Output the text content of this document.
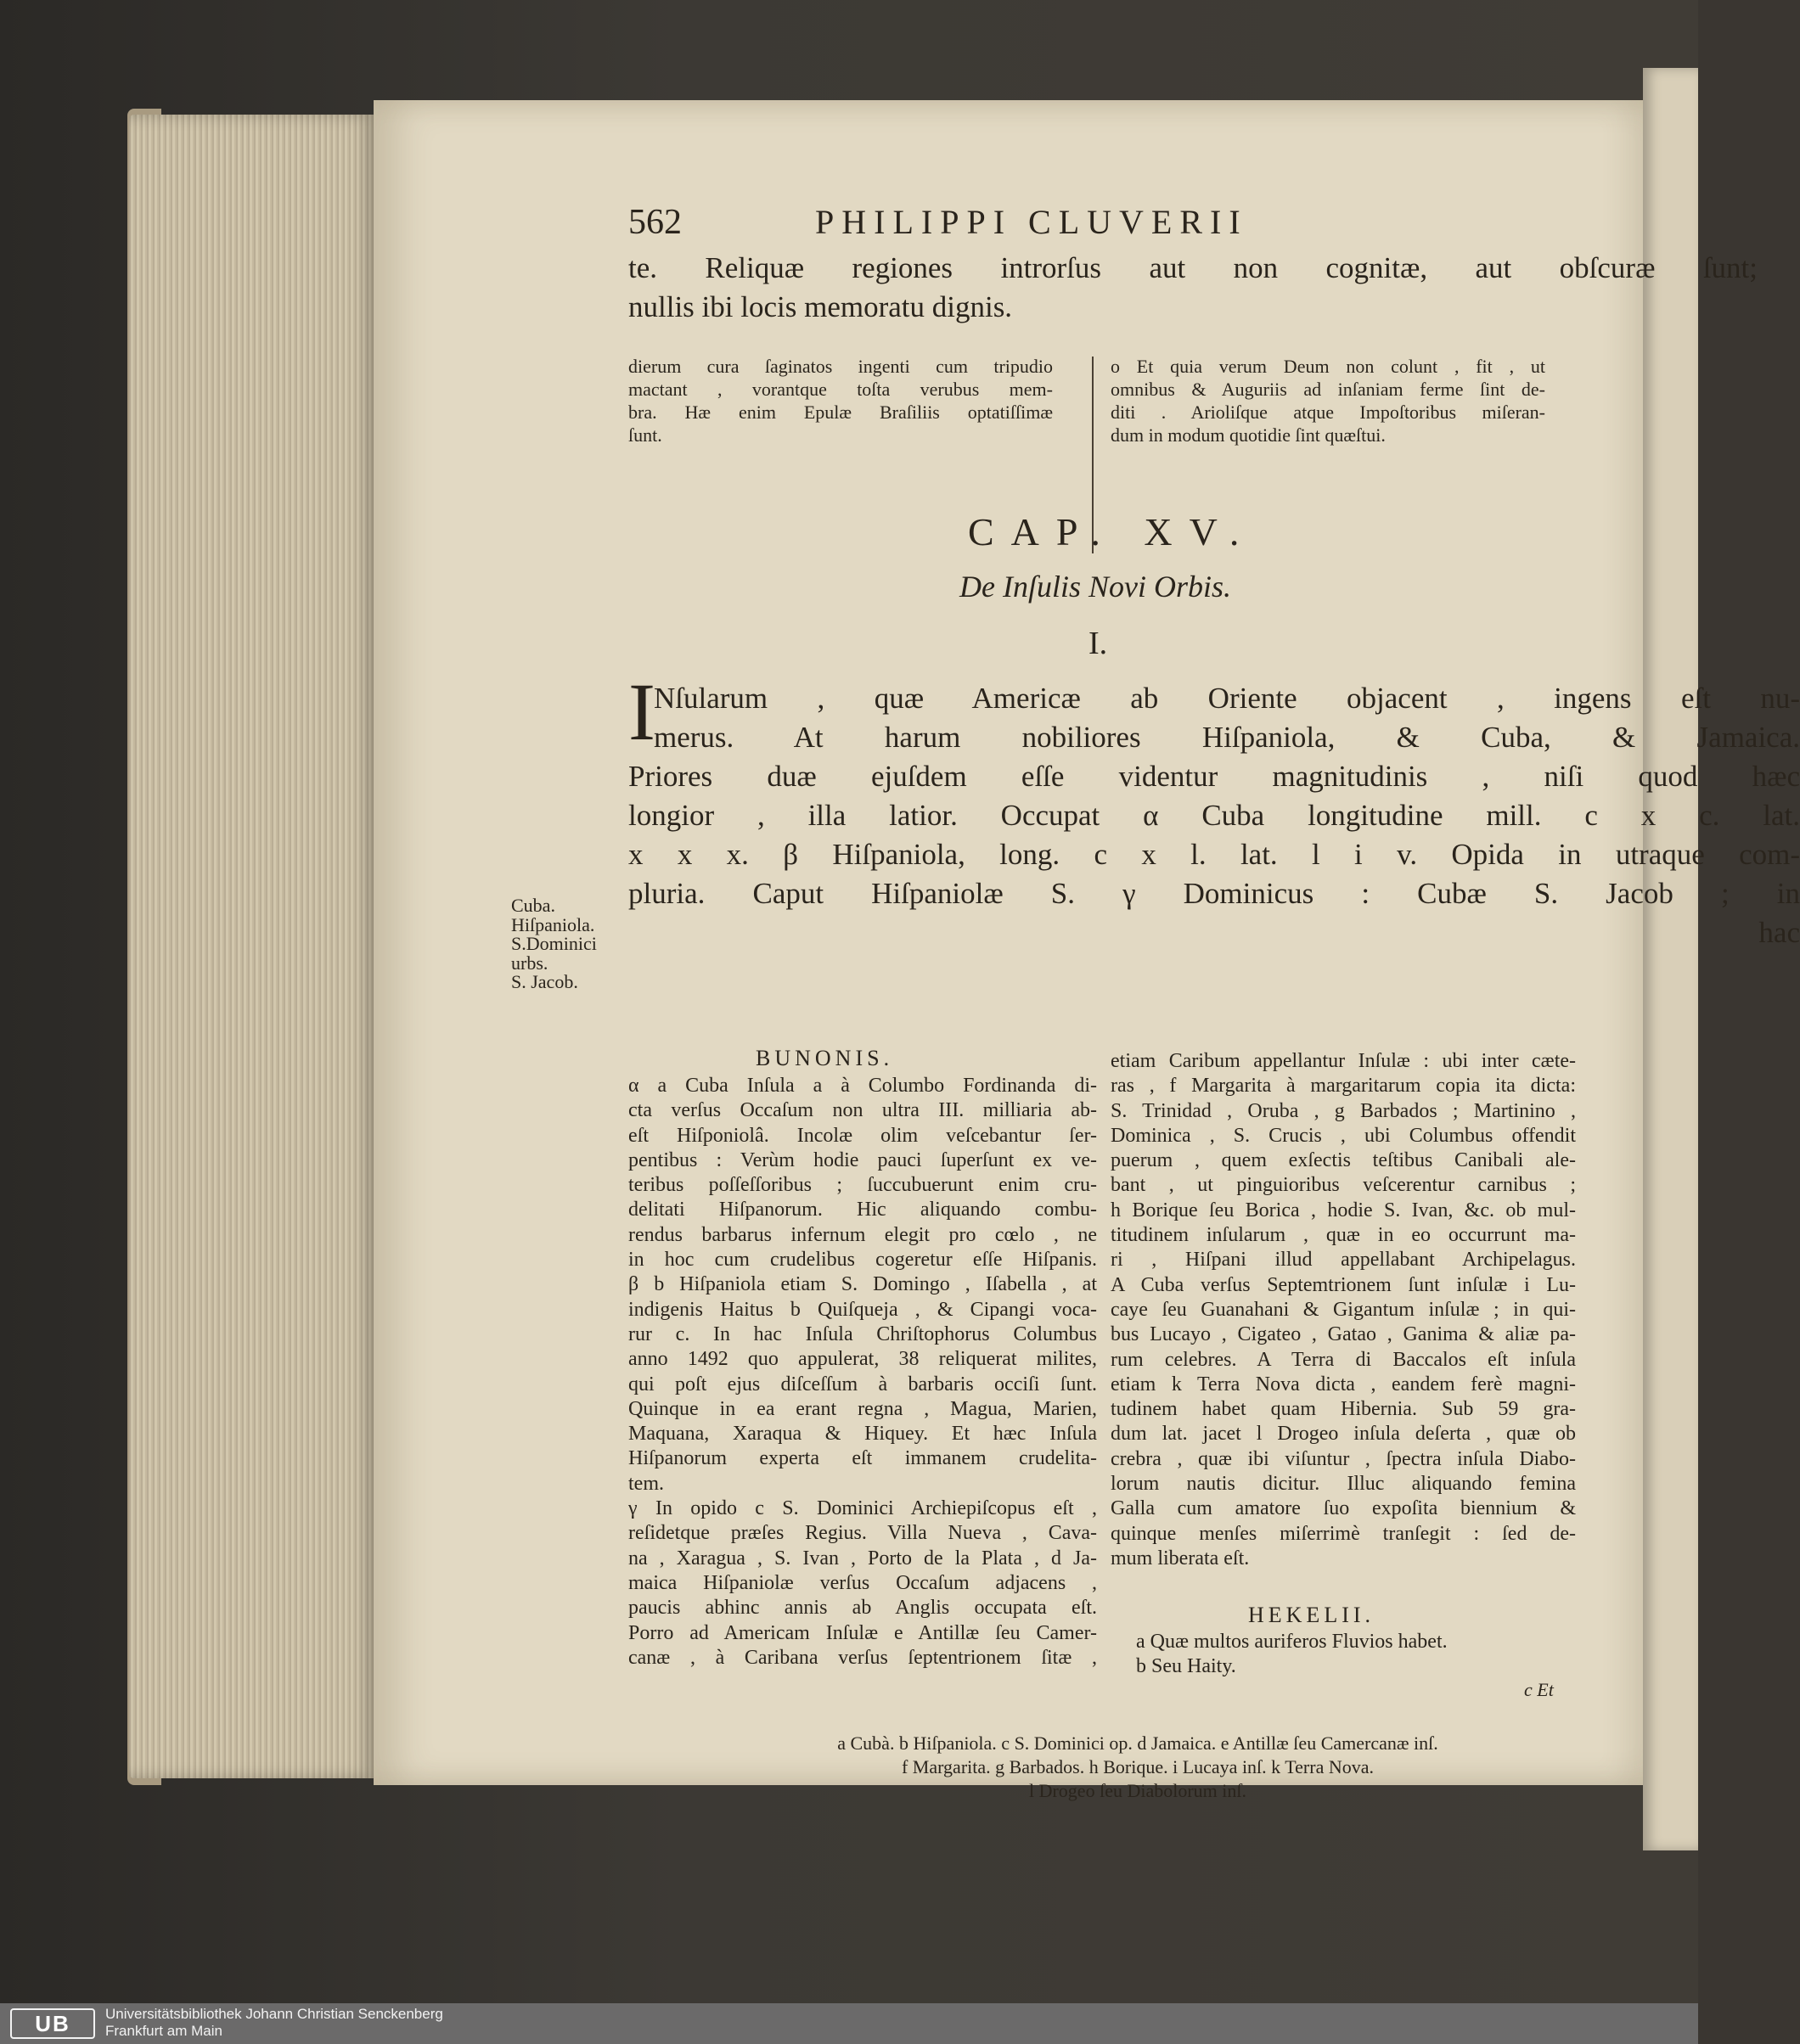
562	PHILIPPI CLUVERII
te. Reliquæ regiones introrſus aut non cognitæ, aut obſcuræ ſunt;
nullis ibi locis memoratu dignis.
dierum cura ſaginatos ingenti cum tripudio
mactant , vorantque toſta verubus mem-
bra. Hæ enim Epulæ Braſiliis optatiſſimæ
ſunt.
o Et quia verum Deum non colunt , fit , ut
omnibus & Auguriis ad inſaniam ferme ſint de-
diti . Arioliſque atque Impoſtoribus miſeran-
dum in modum quotidie ſint quæſtui.
CAP. XV.
De Inſulis Novi Orbis.
I.
I
Nſularum , quæ Americæ ab Oriente objacent , ingens eſt nu-
merus. At harum nobiliores Hiſpaniola, & Cuba, & Jamaica.
Priores duæ ejuſdem eſſe videntur magnitudinis , niſi quod hæc
longior , illa latior. Occupat α Cuba longitudine mill. c x c. lat.
x x x. β Hiſpaniola, long. c x l. lat. l i v. Opida in utraque com-
pluria. Caput Hiſpaniolæ S. γ Dominicus : Cubæ S. Jacob ; in
hac
Cuba.
Hiſpaniola.
S.Dominici
urbs.
S. Jacob.
BUNONIS.
α a Cuba Inſula a à Columbo Fordinanda di-
cta verſus Occaſum non ultra III. milliaria ab-
eſt Hiſponiolâ. Incolæ olim veſcebantur ſer-
pentibus : Verùm hodie pauci ſuperſunt ex ve-
teribus poſſeſſoribus ; ſuccubuerunt enim cru-
delitati Hiſpanorum. Hic aliquando combu-
rendus barbarus infernum elegit pro cœlo , ne
in hoc cum crudelibus cogeretur eſſe Hiſpanis.
β b Hiſpaniola etiam S. Domingo , Iſabella , at
indigenis Haitus b Quiſqueja , & Cipangi voca-
rur c. In hac Inſula Chriſtophorus Columbus
anno 1492 quo appulerat, 38 reliquerat milites,
qui poſt ejus diſceſſum à barbaris occiſi ſunt.
Quinque in ea erant regna , Magua, Marien,
Maquana, Xaraqua & Hiquey. Et hæc Inſula
Hiſpanorum experta eſt immanem crudelita-
tem.
γ In opido c S. Dominici Archiepiſcopus eſt ,
reſidetque præſes Regius. Villa Nueva , Cava-
na , Xaragua , S. Ivan , Porto de la Plata , d Ja-
maica Hiſpaniolæ verſus Occaſum adjacens ,
paucis abhinc annis ab Anglis occupata eſt.
Porro ad Americam Inſulæ e Antillæ ſeu Camer-
canæ , à Caribana verſus ſeptentrionem ſitæ ,
etiam Caribum appellantur Inſulæ : ubi inter cæte-
ras , f Margarita à margaritarum copia ita dicta:
S. Trinidad , Oruba , g Barbados ; Martinino ,
Dominica , S. Crucis , ubi Columbus offendit
puerum , quem exſectis teſtibus Canibali ale-
bant , ut pinguioribus veſcerentur carnibus ;
h Borique ſeu Borica , hodie S. Ivan, &c. ob mul-
titudinem inſularum , quæ in eo occurrunt ma-
ri , Hiſpani illud appellabant Archipelagus.
A Cuba verſus Septemtrionem ſunt inſulæ i Lu-
caye ſeu Guanahani & Gigantum inſulæ ; in qui-
bus Lucayo , Cigateo , Gatao , Ganima & aliæ pa-
rum celebres. A Terra di Baccalos eſt inſula
etiam k Terra Nova dicta , eandem ferè magni-
tudinem habet quam Hibernia. Sub 59 gra-
dum lat. jacet l Drogeo inſula deſerta , quæ ob
crebra , quæ ibi viſuntur , ſpectra inſula Diabo-
lorum nautis dicitur. Illuc aliquando femina
Galla cum amatore ſuo expoſita biennium &
quinque menſes miſerrimè tranſegit : ſed de-
mum liberata eſt.
HEKELII.
a Quæ multos auriferos Fluvios habet.
b Seu Haity.
c Et
a Cubà. b Hiſpaniola. c S. Dominici op. d Jamaica. e Antillæ ſeu Camercanæ inſ.
f Margarita. g Barbados. h Borique. i Lucaya inſ. k Terra Nova.
l Drogeo ſeu Diabolorum inſ.
UB	Universitätsbibliothek Johann Christian Senckenberg
Frankfurt am Main
